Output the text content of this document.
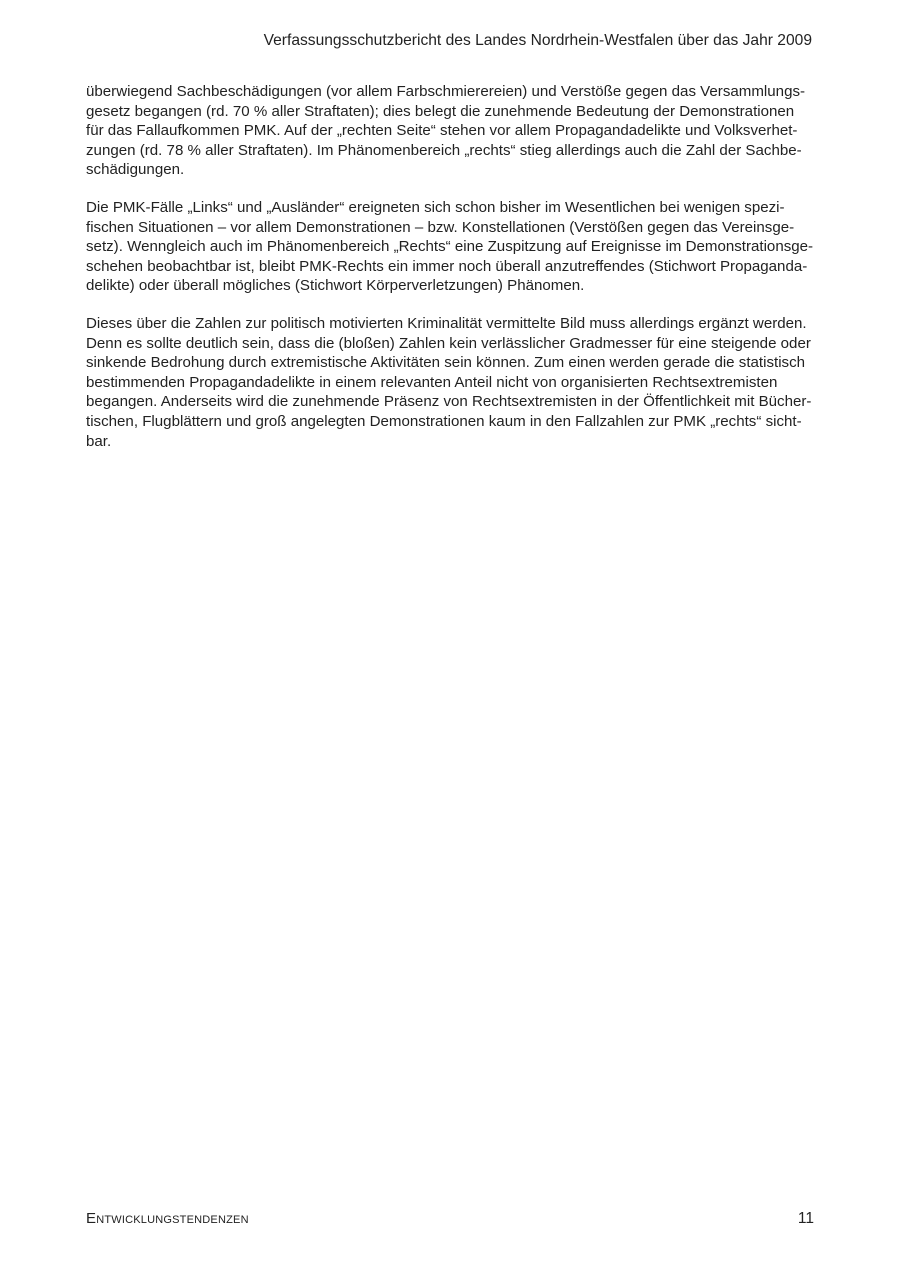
Verfassungsschutzbericht des Landes Nordrhein-Westfalen über das Jahr 2009

überwiegend Sachbeschädigungen (vor allem Farbschmierereien) und Verstöße gegen das Versammlungs-
gesetz begangen (rd. 70 % aller Straftaten); dies belegt die zunehmende Bedeutung der Demonstrationen
für das Fallaufkommen PMK. Auf der „rechten Seite“ stehen vor allem Propagandadelikte und Volksverhet-
zungen (rd. 78 % aller Straftaten). Im Phänomenbereich „rechts“ stieg allerdings auch die Zahl der Sachbe-
schädigungen.

Die PMK-Fälle „Links“ und „Ausländer“ ereigneten sich schon bisher im Wesentlichen bei wenigen spezi-
fischen Situationen – vor allem Demonstrationen – bzw. Konstellationen (Verstößen gegen das Vereinsge-
setz). Wenngleich auch im Phänomenbereich „Rechts“ eine Zuspitzung auf Ereignisse im Demonstrationsge-
schehen beobachtbar ist, bleibt PMK-Rechts ein immer noch überall anzutreffendes (Stichwort Propaganda-
delikte) oder überall mögliches (Stichwort Körperverletzungen) Phänomen.

Dieses über die Zahlen zur politisch motivierten Kriminalität vermittelte Bild muss allerdings ergänzt werden.
Denn es sollte deutlich sein, dass die (bloßen) Zahlen kein verlässlicher Gradmesser für eine steigende oder
sinkende Bedrohung durch extremistische Aktivitäten sein können. Zum einen werden gerade die statistisch
bestimmenden Propagandadelikte in einem relevanten Anteil nicht von organisierten Rechtsextremisten
begangen. Anderseits wird die zunehmende Präsenz von Rechtsextremisten in der Öffentlichkeit mit Bücher-
tischen, Flugblättern und groß angelegten Demonstrationen kaum in den Fallzahlen zur PMK „rechts“ sicht-
bar.

Entwicklungstendenzen	11
